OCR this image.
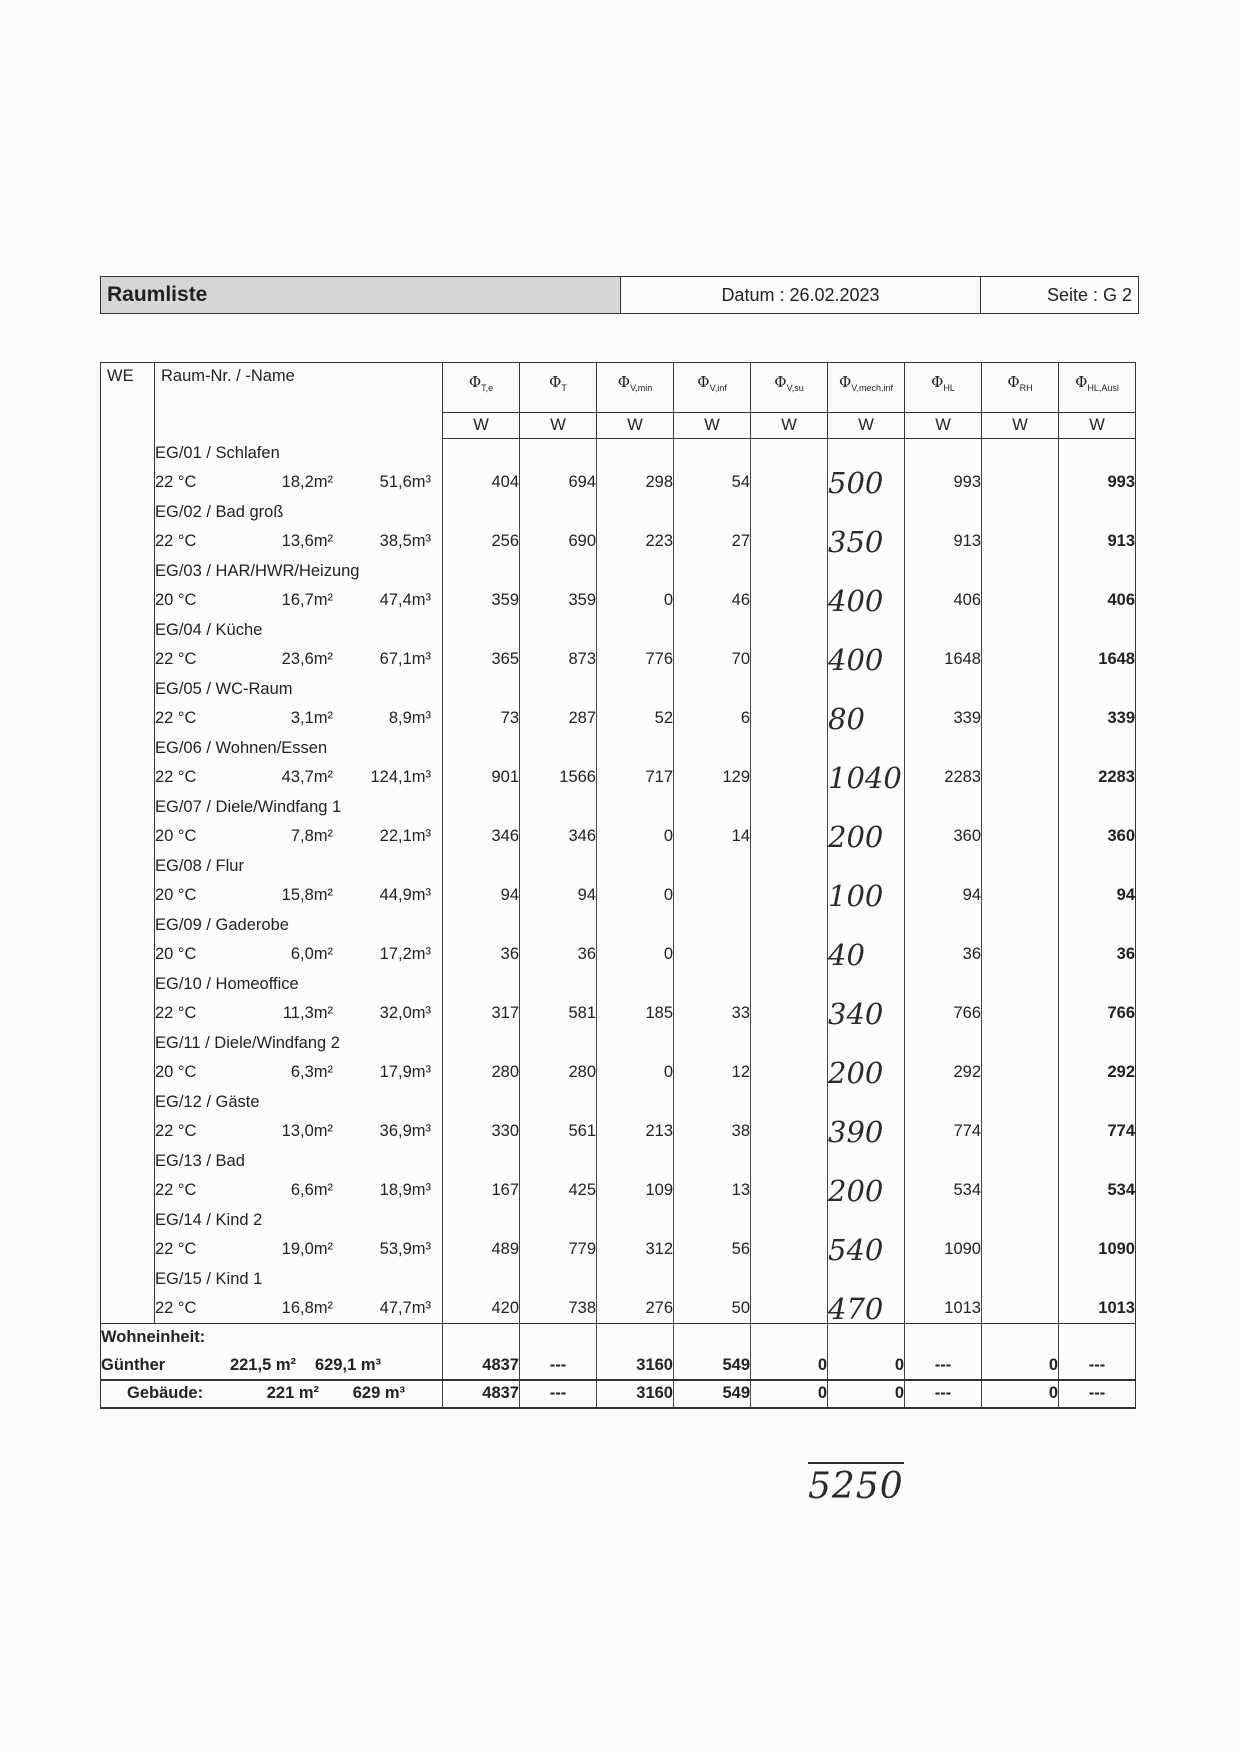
Raumliste	Datum : 26.02.2023	Seite : G 2
WE	Raum-Nr. / -Name	$\Phi_{T,e}$	$\Phi_T$	$\Phi_{V,min}$	$\Phi_{V,inf}$	$\Phi_{V,su}$	$\Phi_{V,mech,inf}$	$\Phi_{HL}$	$\Phi_{RH}$	$\Phi_{HL,Ausl}$
		W	W	W	W	W	W	W	W	W
	EG/01 / Schlafen									
	22 °C 18,2m² 51,6m³	404	694	298	54		500	993		993
	EG/02 / Bad groß									
	22 °C 13,6m² 38,5m³	256	690	223	27		350	913		913
	EG/03 / HAR/HWR/Heizung									
	20 °C 16,7m² 47,4m³	359	359	0	46		400	406		406
	EG/04 / Küche									
	22 °C 23,6m² 67,1m³	365	873	776	70		400	1648		1648
	EG/05 / WC-Raum									
	22 °C 3,1m² 8,9m³	73	287	52	6		80	339		339
	EG/06 / Wohnen/Essen									
	22 °C 43,7m² 124,1m³	901	1566	717	129		1040	2283		2283
	EG/07 / Diele/Windfang 1									
	20 °C 7,8m² 22,1m³	346	346	0	14		200	360		360
	EG/08 / Flur									
	20 °C 15,8m² 44,9m³	94	94	0			100	94		94
	EG/09 / Gaderobe									
	20 °C 6,0m² 17,2m³	36	36	0			40	36		36
	EG/10 / Homeoffice									
	22 °C 11,3m² 32,0m³	317	581	185	33		340	766		766
	EG/11 / Diele/Windfang 2									
	20 °C 6,3m² 17,9m³	280	280	0	12		200	292		292
	EG/12 / Gäste									
	22 °C 13,0m² 36,9m³	330	561	213	38		390	774		774
	EG/13 / Bad									
	22 °C 6,6m² 18,9m³	167	425	109	13		200	534		534
	EG/14 / Kind 2									
	22 °C 19,0m² 53,9m³	489	779	312	56		540	1090		1090
	EG/15 / Kind 1									
	22 °C 16,8m² 47,7m³	420	738	276	50		470	1013		1013
Wohneinheit:										
Günther 221,5 m² 629,1 m³		4837	---	3160	549	0	0	---	0	---
Gebäude: 221 m² 629 m³		4837	---	3160	549	0	0	---	0	---
5250
